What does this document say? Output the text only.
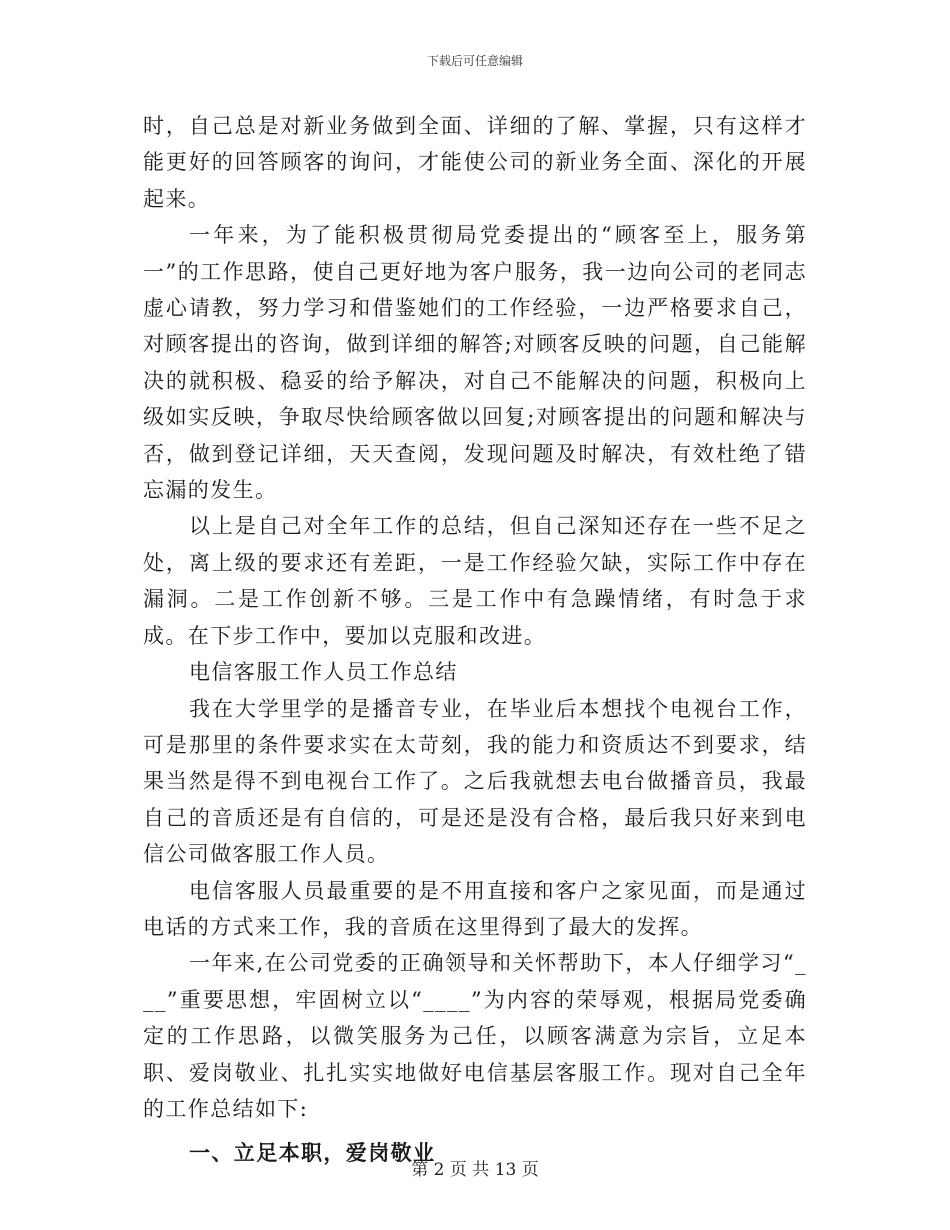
下载后可任意编辑

时，自己总是对新业务做到全面、详细的了解、掌握，只有这样才能更好的回答顾客的询问，才能使公司的新业务全面、深化的开展起来。

一年来，为了能积极贯彻局党委提出的“顾客至上，服务第一”的工作思路，使自己更好地为客户服务，我一边向公司的老同志虚心请教，努力学习和借鉴她们的工作经验，一边严格要求自己，对顾客提出的咨询，做到详细的解答;对顾客反映的问题，自己能解决的就积极、稳妥的给予解决，对自己不能解决的问题，积极向上级如实反映，争取尽快给顾客做以回复;对顾客提出的问题和解决与否，做到登记详细，天天查阅，发现问题及时解决，有效杜绝了错忘漏的发生。

以上是自己对全年工作的总结，但自己深知还存在一些不足之处，离上级的要求还有差距，一是工作经验欠缺，实际工作中存在漏洞。二是工作创新不够。三是工作中有急躁情绪，有时急于求成。在下步工作中，要加以克服和改进。

电信客服工作人员工作总结

我在大学里学的是播音专业，在毕业后本想找个电视台工作，可是那里的条件要求实在太苛刻，我的能力和资质达不到要求，结果当然是得不到电视台工作了。之后我就想去电台做播音员，我最自己的音质还是有自信的，可是还是没有合格，最后我只好来到电信公司做客服工作人员。

电信客服人员最重要的是不用直接和客户之家见面，而是通过电话的方式来工作，我的音质在这里得到了最大的发挥。

一年来,在公司党委的正确领导和关怀帮助下，本人仔细学习“___”重要思想，牢固树立以“____”为内容的荣辱观，根据局党委确定的工作思路，以微笑服务为己任，以顾客满意为宗旨，立足本职、爱岗敬业、扎扎实实地做好电信基层客服工作。现对自己全年的工作总结如下:

一、立足本职，爱岗敬业

第 2 页 共 13 页
